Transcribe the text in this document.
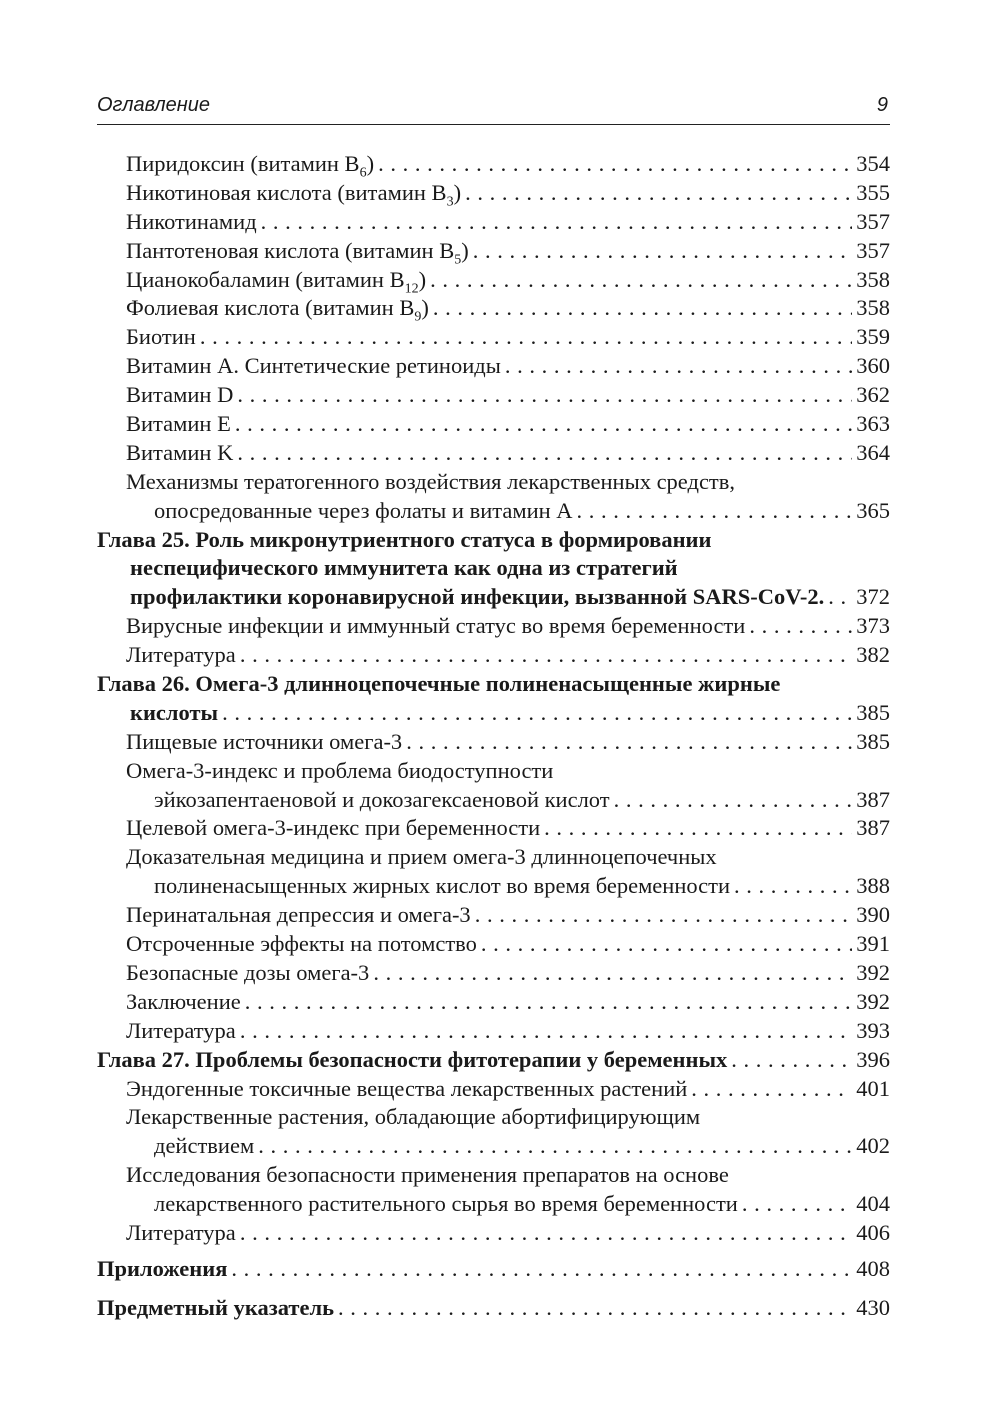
Оглавление	9
Пиридоксин (витамин $B_6$)	354
. . .
Никотиновая кислота (витамин $B_3$)	355
. . .
Никотинамид	357
. . .
Пантотеновая кислота (витамин $B_5$)	357
. . .
Цианокобаламин (витамин $B_{12}$)	358
. . .
Фолиевая кислота (витамин $B_9$)	358
. . .
Биотин	359
. . .
Витамин A. Синтетические ретиноиды	360
. . .
Витамин D	362
. . .
Витамин E	363
. . .
Витамин K	364
. . .
Механизмы тератогенного воздействия лекарственных средств,
опосредованные через фолаты и витамин A	365
. . .
Глава 25. Роль микронутриентного статуса в формировании
неспецифического иммунитета как одна из стратегий
профилактики коронавирусной инфекции, вызванной SARS-CoV-2. 372
. . .
Вирусные инфекции и иммунный статус во время беременности	373
. . .
Литература	382
. . .
Глава 26. Омега-3 длинноцепочечные полиненасыщенные жирные
кислоты	385
. . .
Пищевые источники омега-3	385
. . .
Омега-3-индекс и проблема биодоступности
эйкозапентаеновой и докозагексаеновой кислот	387
. . .
Целевой омега-3-индекс при беременности	387
. . .
Доказательная медицина и прием омега-3 длинноцепочечных
полиненасыщенных жирных кислот во время беременности	388
. . .
Перинатальная депрессия и омега-3	390
. . .
Отсроченные эффекты на потомство	391
. . .
Безопасные дозы омега-3	392
. . .
Заключение	392
. . .
Литература	393
. . .
Глава 27. Проблемы безопасности фитотерапии у беременных	396
. . .
Эндогенные токсичные вещества лекарственных растений	401
. . .
Лекарственные растения, обладающие абортифицирующим
действием	402
. . .
Исследования безопасности применения препаратов на основе
лекарственного растительного сырья во время беременности	404
. . .
Литература	406
. . .
Приложения	408
. . .
Предметный указатель	430
. . .
